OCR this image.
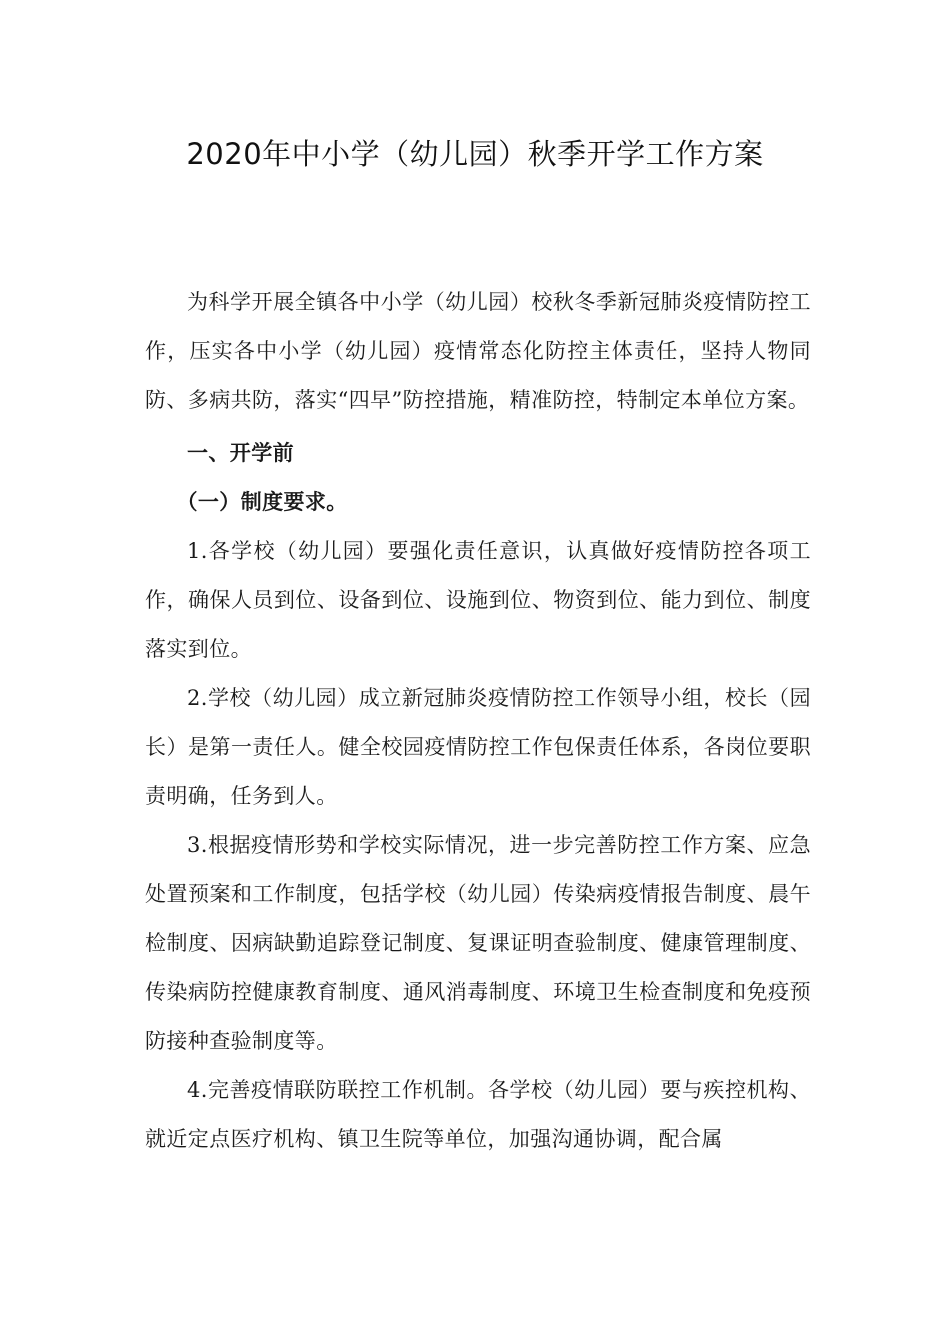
2020年中小学（幼儿园）秋季开学工作方案

为科学开展全镇各中小学（幼儿园）校秋冬季新冠肺炎疫情防控工作，压实各中小学（幼儿园）疫情常态化防控主体责任，坚持人物同防、多病共防，落实“四早”防控措施，精准防控，特制定本单位方案。

一、开学前

（一）制度要求。

1.各学校（幼儿园）要强化责任意识，认真做好疫情防控各项工作，确保人员到位、设备到位、设施到位、物资到位、能力到位、制度落实到位。

2.学校（幼儿园）成立新冠肺炎疫情防控工作领导小组，校长（园长）是第一责任人。健全校园疫情防控工作包保责任体系，各岗位要职责明确，任务到人。

3.根据疫情形势和学校实际情况，进一步完善防控工作方案、应急处置预案和工作制度，包括学校（幼儿园）传染病疫情报告制度、晨午检制度、因病缺勤追踪登记制度、复课证明查验制度、健康管理制度、传染病防控健康教育制度、通风消毒制度、环境卫生检查制度和免疫预防接种查验制度等。

4.完善疫情联防联控工作机制。各学校（幼儿园）要与疾控机构、就近定点医疗机构、镇卫生院等单位，加强沟通协调，配合属
